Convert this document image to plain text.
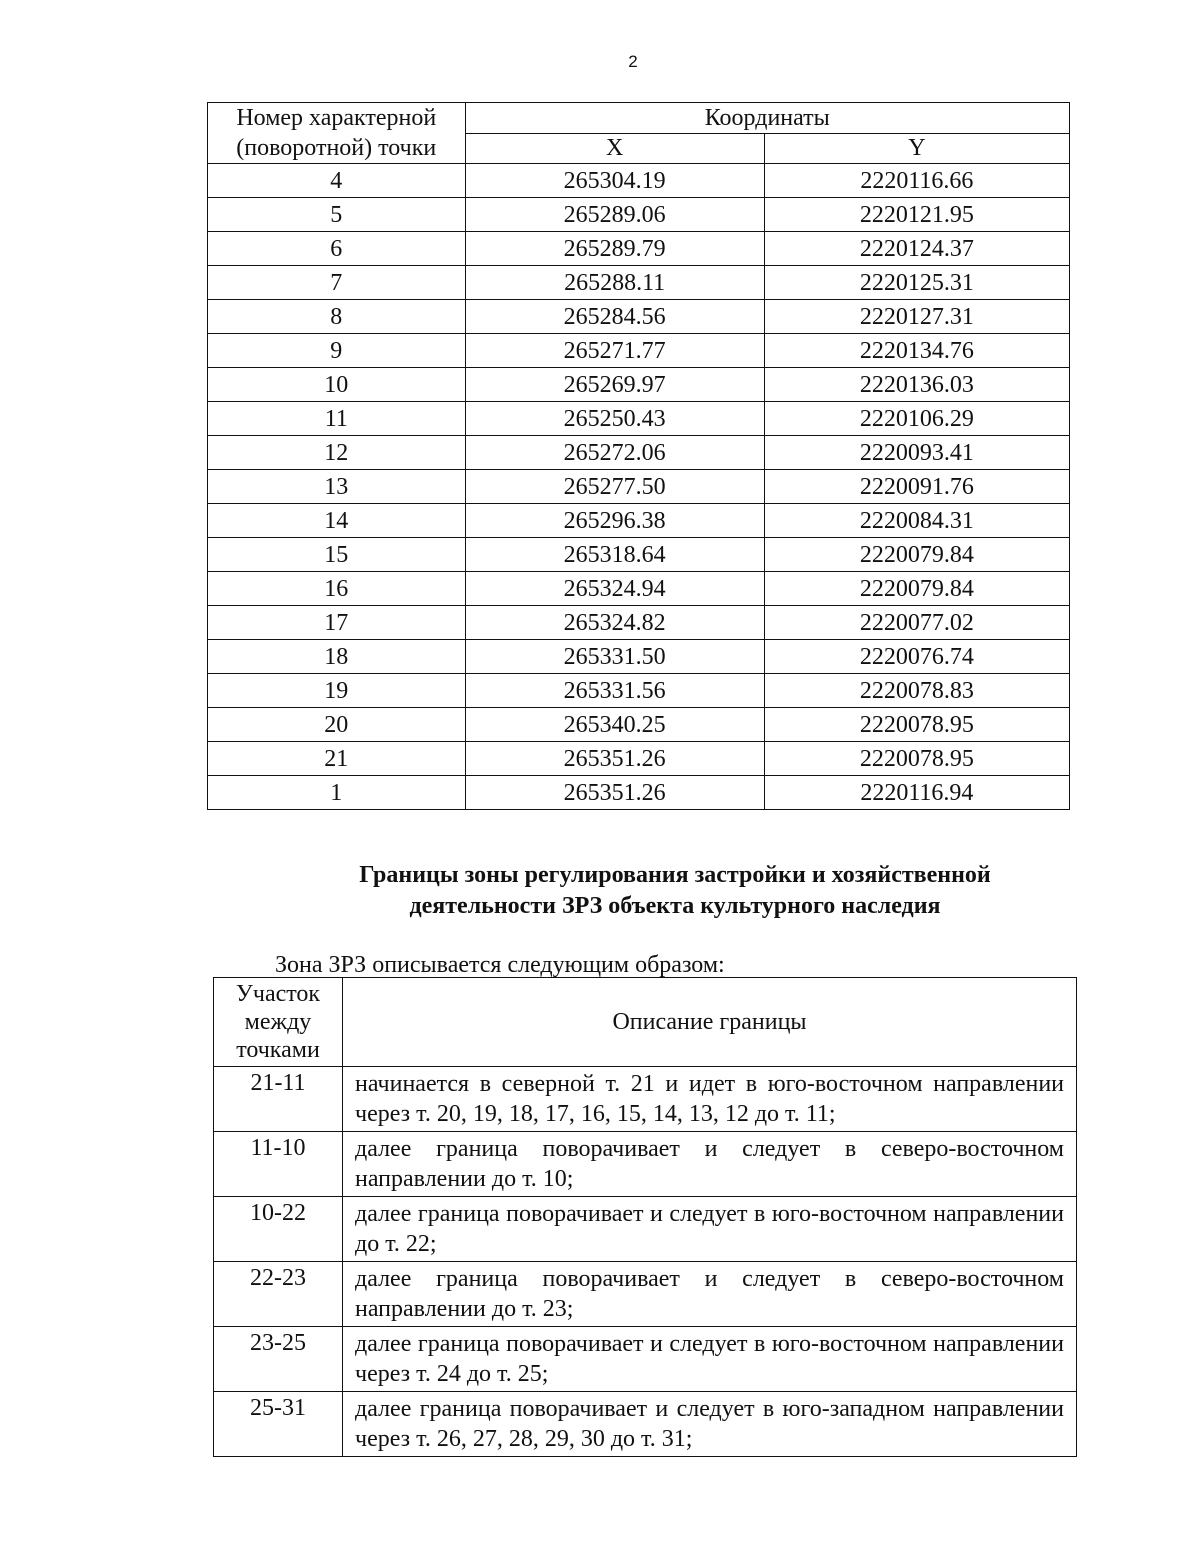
2
Номер характерной (поворотной) точки	Координаты	
	X	Y
4	265304.19	2220116.66
5	265289.06	2220121.95
6	265289.79	2220124.37
7	265288.11	2220125.31
8	265284.56	2220127.31
9	265271.77	2220134.76
10	265269.97	2220136.03
11	265250.43	2220106.29
12	265272.06	2220093.41
13	265277.50	2220091.76
14	265296.38	2220084.31
15	265318.64	2220079.84
16	265324.94	2220079.84
17	265324.82	2220077.02
18	265331.50	2220076.74
19	265331.56	2220078.83
20	265340.25	2220078.95
21	265351.26	2220078.95
1	265351.26	2220116.94
Границы зоны регулирования застройки и хозяйственной
деятельности ЗРЗ объекта культурного наследия
Зона ЗРЗ описывается следующим образом:
Участок между точками	Описание границы
21-11	начинается в северной т. 21 и идет в юго-восточном направлении через т. 20, 19, 18, 17, 16, 15, 14, 13, 12 до т. 11;
11-10	далее граница поворачивает и следует в северо-восточном направлении до т. 10;
10-22	далее граница поворачивает и следует в юго-восточном направлении до т. 22;
22-23	далее граница поворачивает и следует в северо-восточном направлении до т. 23;
23-25	далее граница поворачивает и следует в юго-восточном направлении через т. 24 до т. 25;
25-31	далее граница поворачивает и следует в юго-западном направлении через т. 26, 27, 28, 29, 30 до т. 31;
